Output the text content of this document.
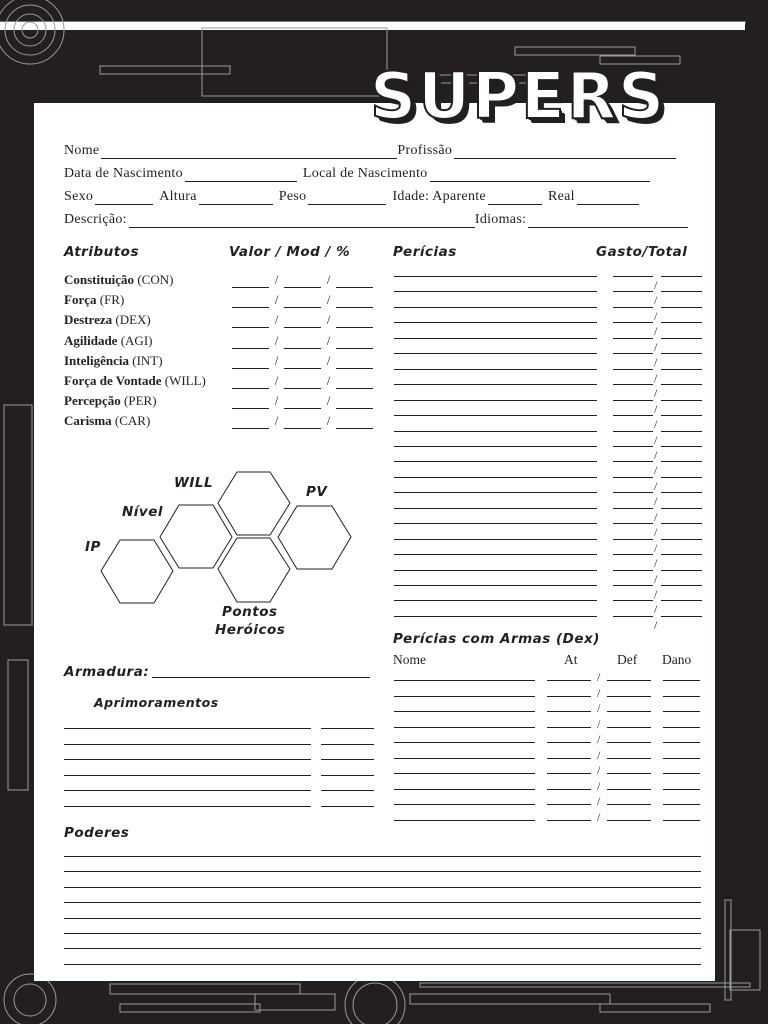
SUPERS
Nome	Profissão
Data de Nascimento	Local de Nascimento
Sexo	Altura	Peso	Idade: Aparente	Real
Descrição:	Idiomas:
Atributos	Valor / Mod / %
Constituição (CON)	/	/
Força (FR)	/	/
Destreza (DEX)	/	/
Agilidade (AGI)	/	/
Inteligência (INT)	/	/
Força de Vontade (WILL)	/	/
Percepção (PER)	/	/
Carisma (CAR)	/	/
WILL
PV
Nível
IP
Pontos
Heróicos
Armadura:
Aprimoramentos
Perícias	Gasto/Total
/
/
/
/
/
/
/
/
/
/
/
/
/
/
/
/
/
/
/
/
/
/
/
Perícias com Armas (Dex)
Nome	At	Def Dano
/
/
/
/
/
/
/
/
/
/
Poderes
